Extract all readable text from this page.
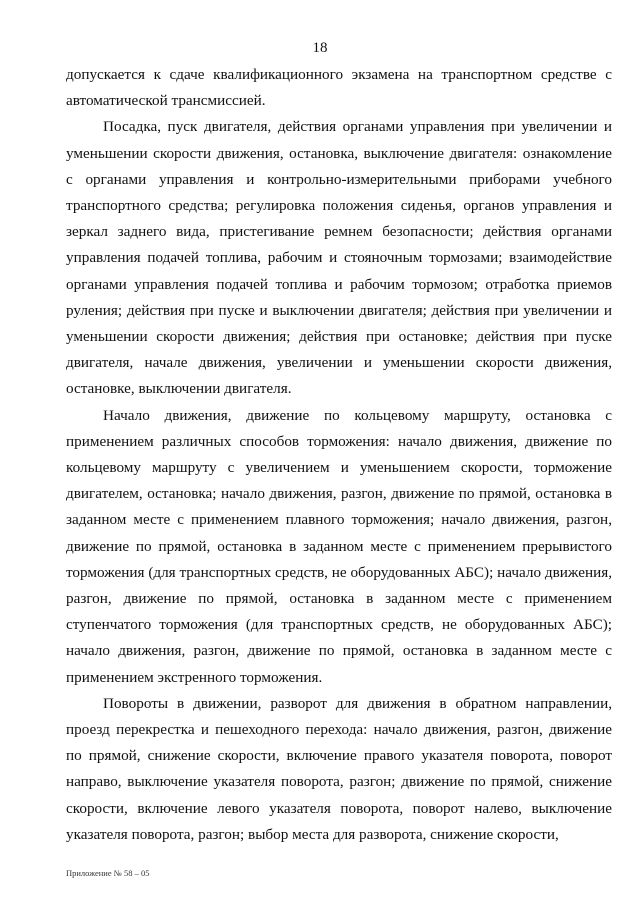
18

допускается к сдаче квалификационного экзамена на транспортном средстве с автоматической трансмиссией.

Посадка, пуск двигателя, действия органами управления при увеличении и уменьшении скорости движения, остановка, выключение двигателя: ознакомление с органами управления и контрольно-измерительными приборами учебного транспортного средства; регулировка положения сиденья, органов управления и зеркал заднего вида, пристегивание ремнем безопасности; действия органами управления подачей топлива, рабочим и стояночным тормозами; взаимодействие органами управления подачей топлива и рабочим тормозом; отработка приемов руления; действия при пуске и выключении двигателя; действия при увеличении и уменьшении скорости движения; действия при остановке; действия при пуске двигателя, начале движения, увеличении и уменьшении скорости движения, остановке, выключении двигателя.

Начало движения, движение по кольцевому маршруту, остановка с применением различных способов торможения: начало движения, движение по кольцевому маршруту с увеличением и уменьшением скорости, торможение двигателем, остановка; начало движения, разгон, движение по прямой, остановка в заданном месте с применением плавного торможения; начало движения, разгон, движение по прямой, остановка в заданном месте с применением прерывистого торможения (для транспортных средств, не оборудованных АБС); начало движения, разгон, движение по прямой, остановка в заданном месте с применением ступенчатого торможения (для транспортных средств, не оборудованных АБС); начало движения, разгон, движение по прямой, остановка в заданном месте с применением экстренного торможения.

Повороты в движении, разворот для движения в обратном направлении, проезд перекрестка и пешеходного перехода: начало движения, разгон, движение по прямой, снижение скорости, включение правого указателя поворота, поворот направо, выключение указателя поворота, разгон; движение по прямой, снижение скорости, включение левого указателя поворота, поворот налево, выключение указателя поворота, разгон; выбор места для разворота, снижение скорости,

Приложение № 58 – 05
